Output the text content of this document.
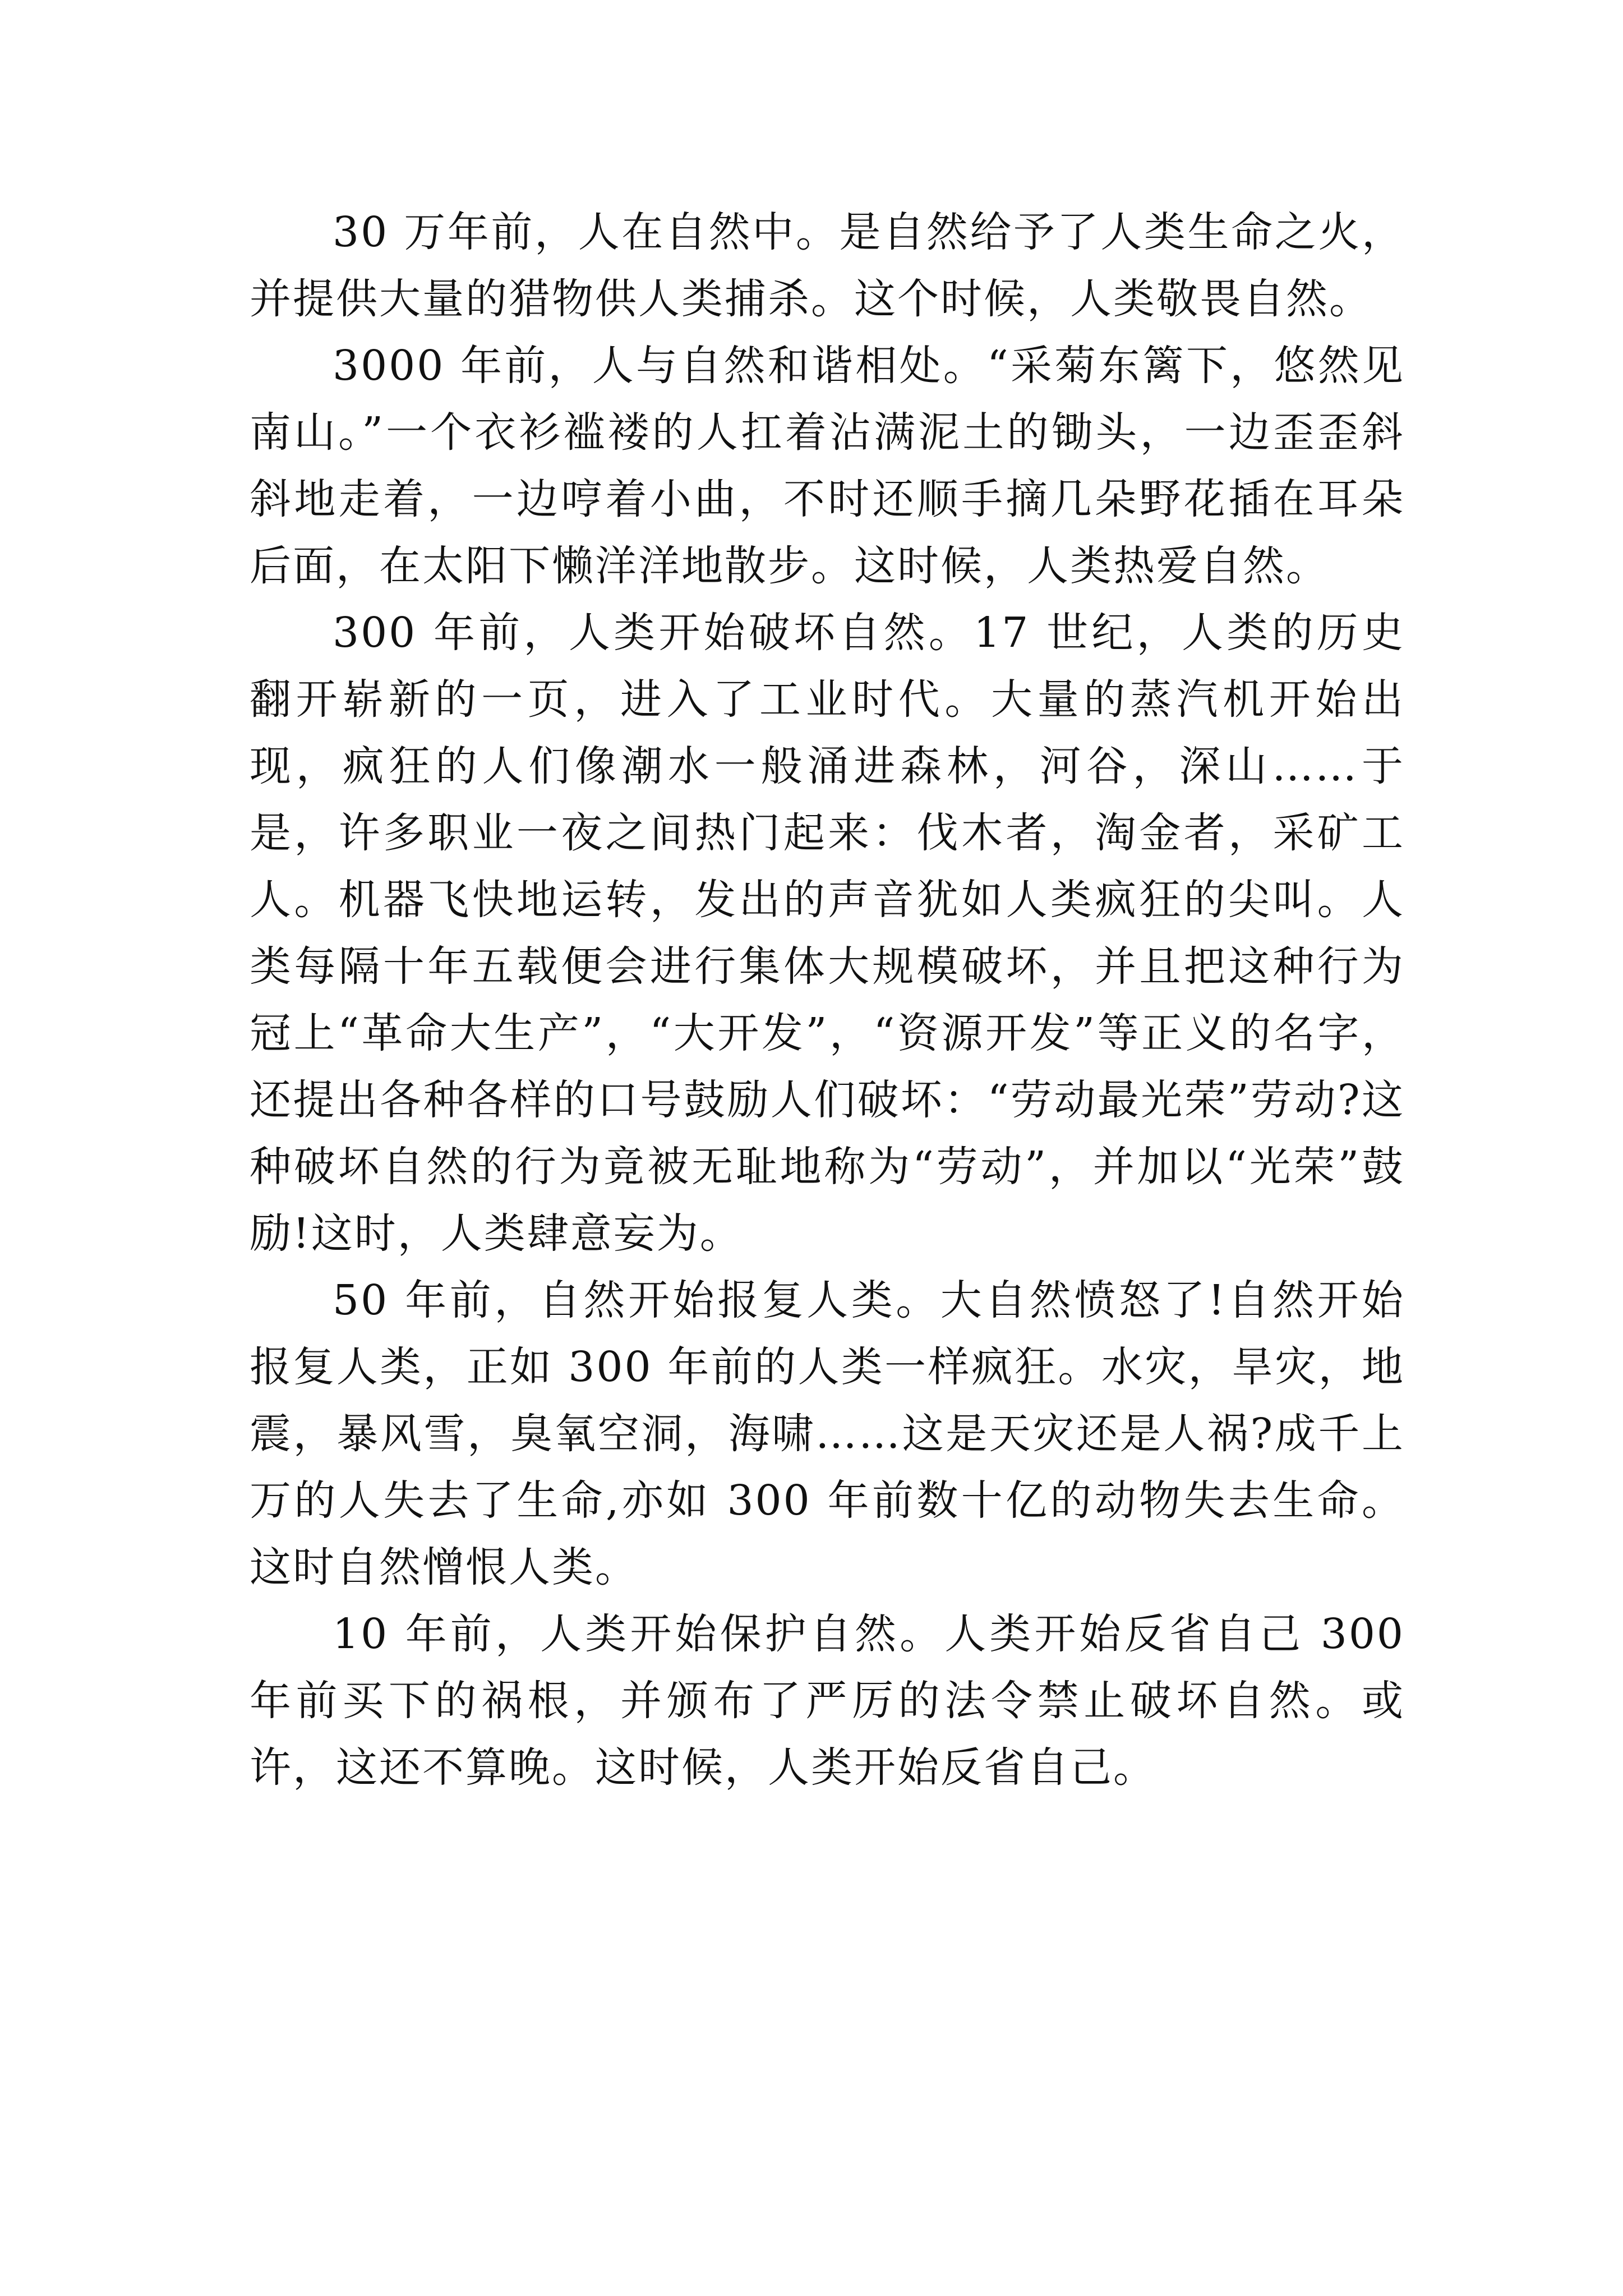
30 万年前，人在自然中。是自然给予了人类生命之火，并提供大量的猎物供人类捕杀。这个时候，人类敬畏自然。

3000 年前，人与自然和谐相处。“采菊东篱下，悠然见南山。”一个衣衫褴褛的人扛着沾满泥土的锄头，一边歪歪斜斜地走着，一边哼着小曲，不时还顺手摘几朵野花插在耳朵后面，在太阳下懒洋洋地散步。这时候，人类热爱自然。

300 年前，人类开始破坏自然。17 世纪，人类的历史翻开崭新的一页，进入了工业时代。大量的蒸汽机开始出现，疯狂的人们像潮水一般涌进森林，河谷，深山……于是，许多职业一夜之间热门起来：伐木者，淘金者，采矿工人。机器飞快地运转，发出的声音犹如人类疯狂的尖叫。人类每隔十年五载便会进行集体大规模破坏，并且把这种行为冠上“革命大生产”，“大开发”，“资源开发”等正义的名字，还提出各种各样的口号鼓励人们破坏：“劳动最光荣”劳动?这种破坏自然的行为竟被无耻地称为“劳动”，并加以“光荣”鼓励!这时，人类肆意妄为。

50 年前，自然开始报复人类。大自然愤怒了!自然开始报复人类，正如 300 年前的人类一样疯狂。水灾，旱灾，地震，暴风雪，臭氧空洞，海啸……这是天灾还是人祸?成千上万的人失去了生命,亦如 300 年前数十亿的动物失去生命。这时自然憎恨人类。

10 年前，人类开始保护自然。人类开始反省自己 300 年前买下的祸根，并颁布了严厉的法令禁止破坏自然。或许，这还不算晚。这时候，人类开始反省自己。
